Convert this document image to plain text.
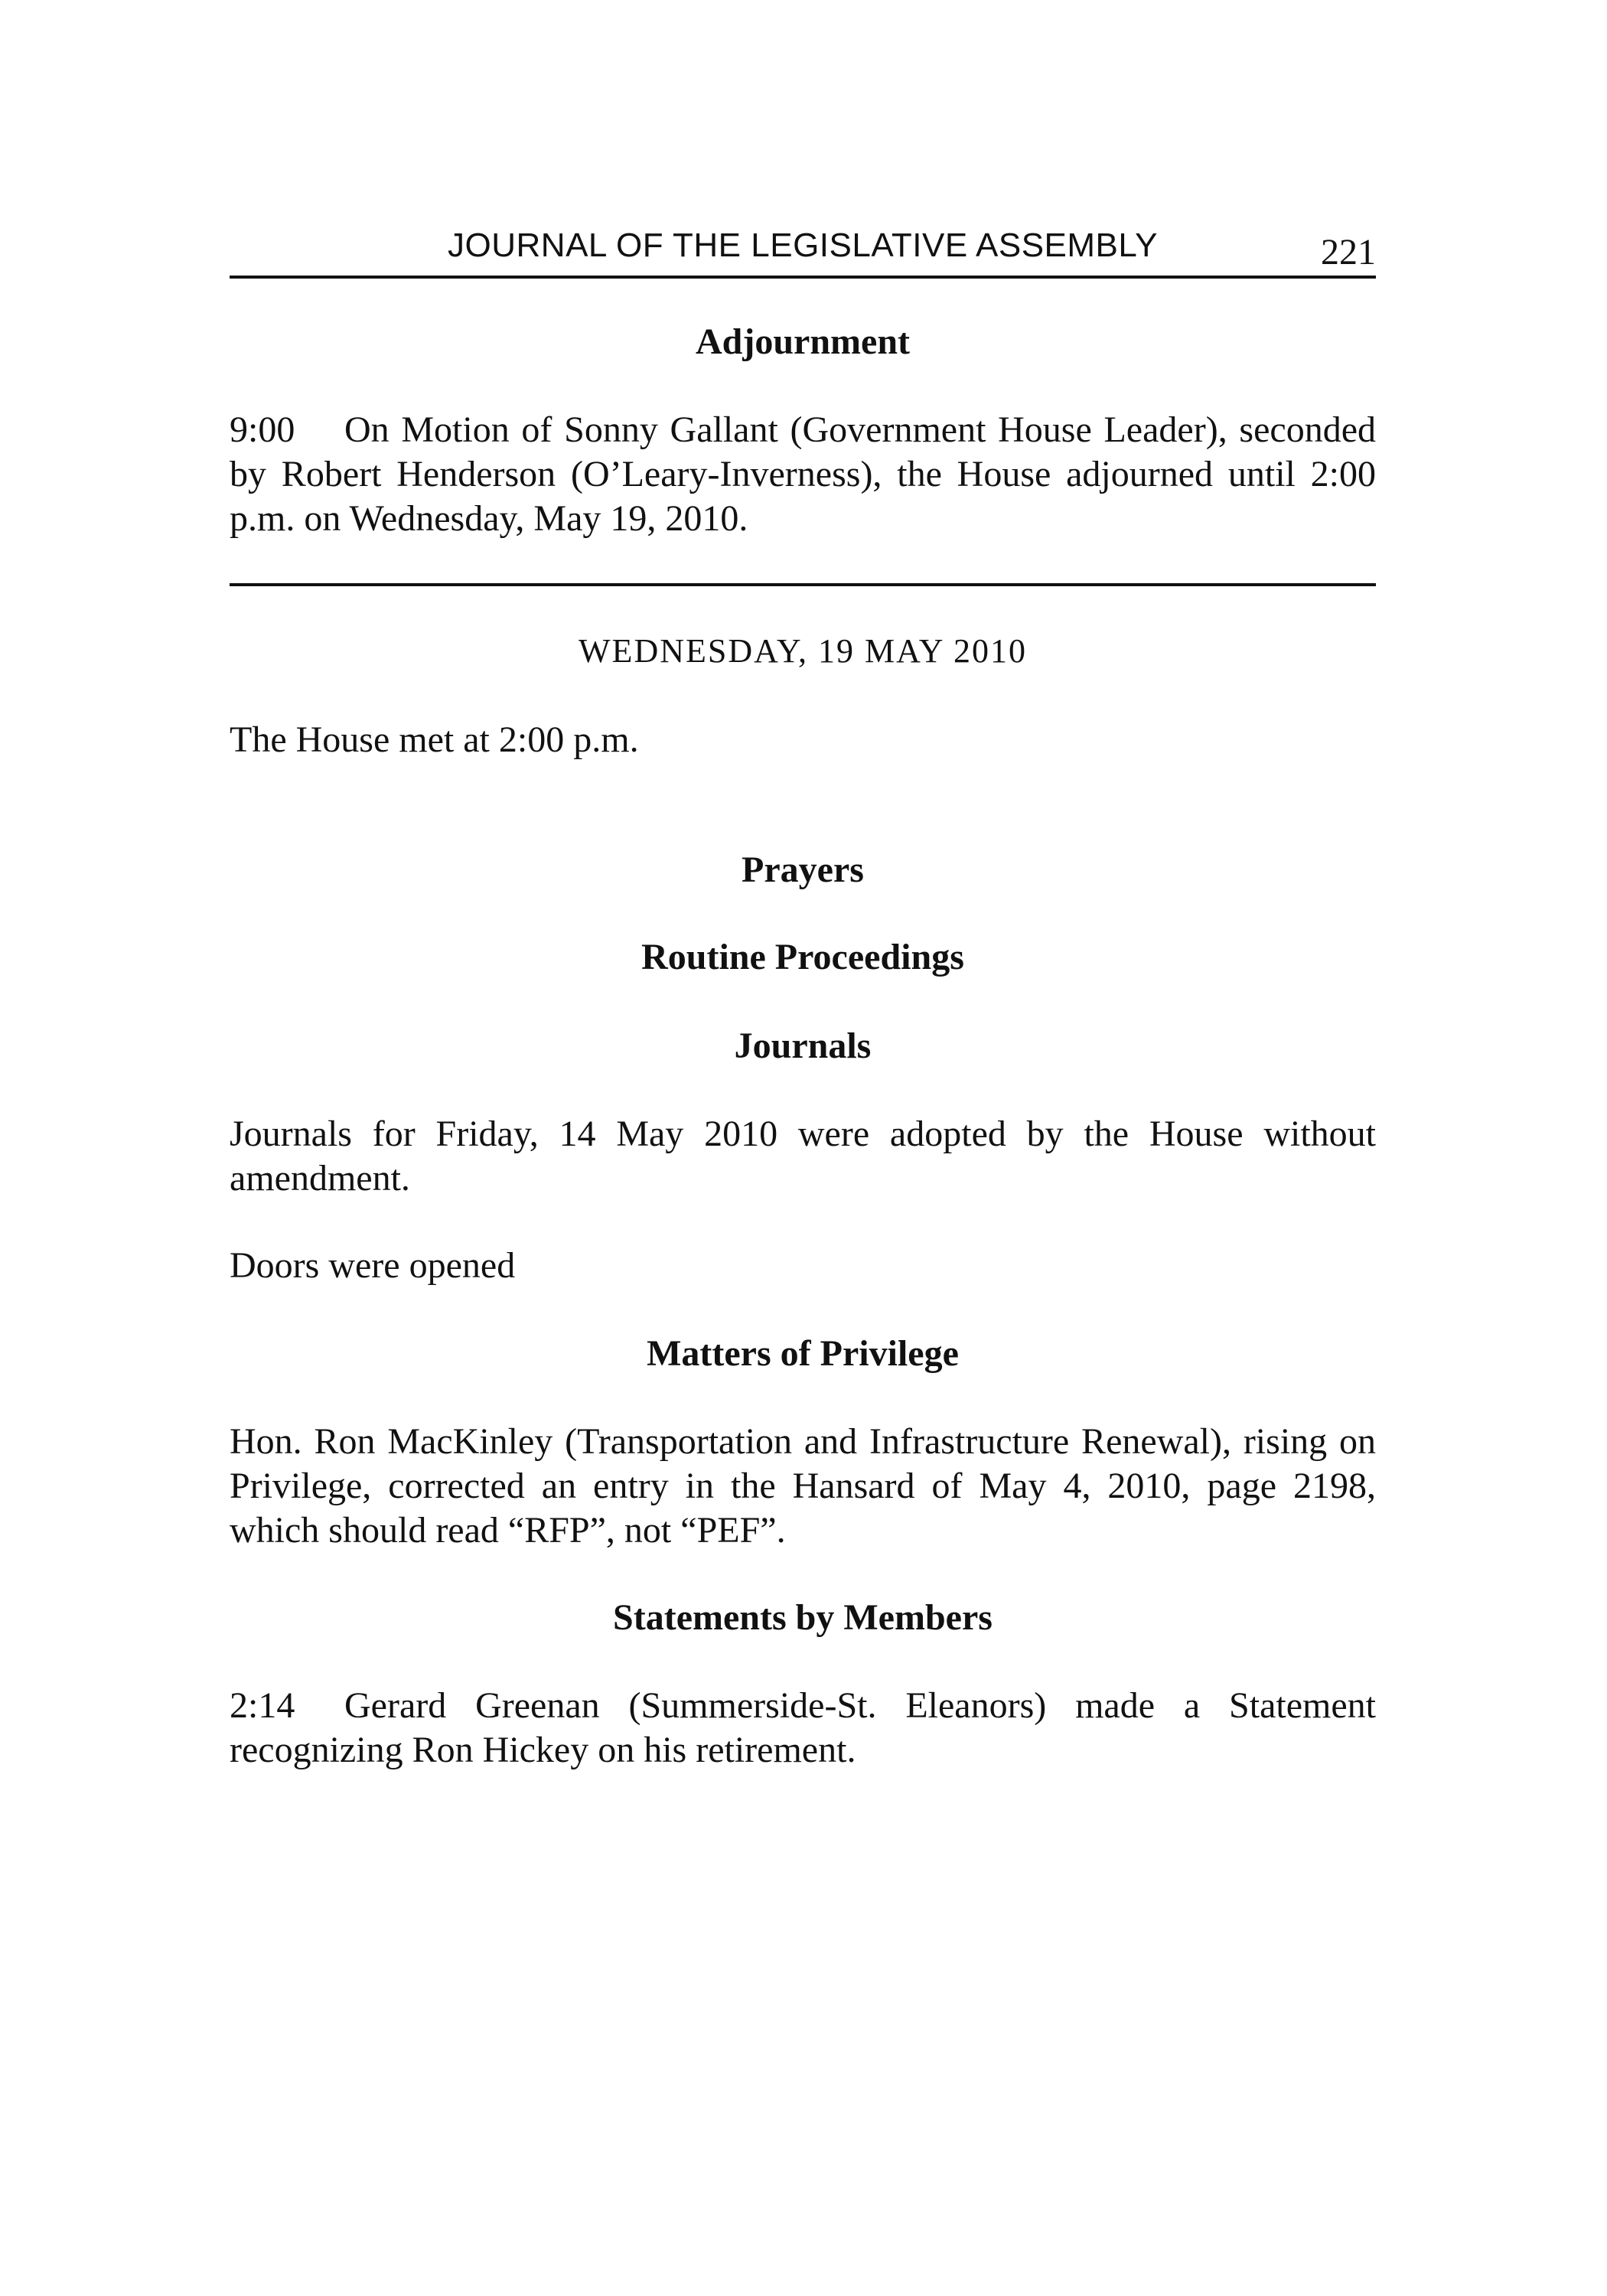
JOURNAL OF THE LEGISLATIVE ASSEMBLY	221
Adjournment
9:00 On Motion of Sonny Gallant (Government House Leader), seconded by Robert Henderson (O’Leary-Inverness), the House adjourned until 2:00 p.m. on Wednesday, May 19, 2010.
WEDNESDAY, 19 MAY 2010
The House met at 2:00 p.m.
Prayers
Routine Proceedings
Journals
Journals for Friday, 14 May 2010 were adopted by the House without amendment.
Doors were opened
Matters of Privilege
Hon. Ron MacKinley (Transportation and Infrastructure Renewal), rising on Privilege, corrected an entry in the Hansard of May 4, 2010, page 2198, which should read “RFP”, not “PEF”.
Statements by Members
2:14 Gerard Greenan (Summerside-St. Eleanors) made a Statement recognizing Ron Hickey on his retirement.
